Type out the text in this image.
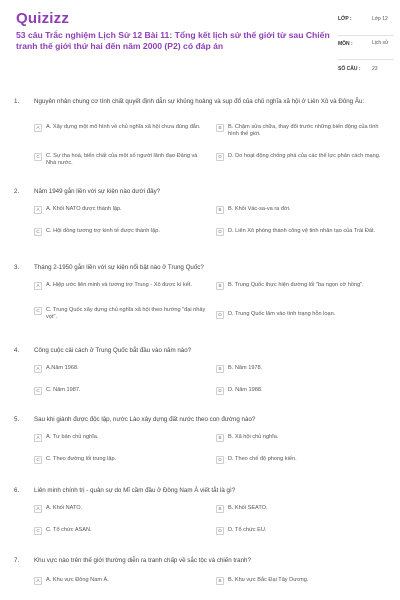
Quizizz
53 câu Trắc nghiệm Lịch Sử 12 Bài 11: Tổng kết lịch sử thế giới từ sau Chiến tranh thế giới thứ hai đến năm 2000 (P2) có đáp án
LỚP :	Lớp 12
MÔN :	Lịch sử
SỐ CÂU : 23
1. Nguyên nhân chung cơ tính chất quyết định dẫn sự khủng hoảng và sụp đổ của chủ nghĩa xã hội ở Liên Xô và Đông Âu:
A	A. Xây dựng một mô hình về chủ nghĩa xã hội chưa đúng đắn.	B	B. Chậm sửa chữa, thay đổi trước những biến động của tình hình thế giới.
C	C. Sự tha hoá, biến chất của một số người lãnh đạo Đảng và Nhà nước.
D	D. Do hoạt động chống phá của các thế lực phản cách mạng.
2. Năm 1949 gắn liền với sự kiện nào dưới đây?
A	A. Khối NATO được thành lập.	B	B. Khối Vác-sa-va ra đời.
C	C. Hội đồng tương trợ kinh tế được thành lập.	D	D. Liên Xô phóng thành công vệ tinh nhân tạo của Trái Đất.
3. Tháng 2-1950 gắn liền với sự kiện nổi bật nào ở Trung Quốc?
A	A. Hiệp ước liên minh và tương trợ Trung - Xô được kí kết.	B	B. Trung Quốc thực hiện đường lối "ba ngọn cờ hồng".
C	C. Trung Quốc xây dựng chủ nghĩa xã hội theo hướng "đại nhảy vọt".	D	D. Trung Quốc lâm vào tình trạng hỗn loạn.
4. Công cuộc cải cách ở Trung Quốc bắt đầu vào năm nào?
A	A.Năm 1968.	B	B. Năm 1978.
C	C. Năm 1987.	D	D. Năm 1988.
5. Sau khi giành được độc lập, nước Lào xây dựng đất nước theo con đường nào?
A	A. Tư bản chủ nghĩa.	B	B. Xã hội chủ nghĩa.
C	C. Theo đường lối trung lập.	D	D. Theo chế độ phong kiến.
6. Liên minh chính trị - quân sự do Mĩ cầm đầu ở Đông Nam Á viết tắt là gì?
A	A. Khối NATO.	B	B. Khối SEATO.
C	C. Tổ chức ASAN.	D	D. Tổ chức EU.
7. Khu vực nào trên thế giới thường diễn ra tranh chấp về sắc tộc và chiến tranh?
A	A. Khu vực Đông Nam Á.	B	B. Khu vực Bắc Đại Tây Dương.
